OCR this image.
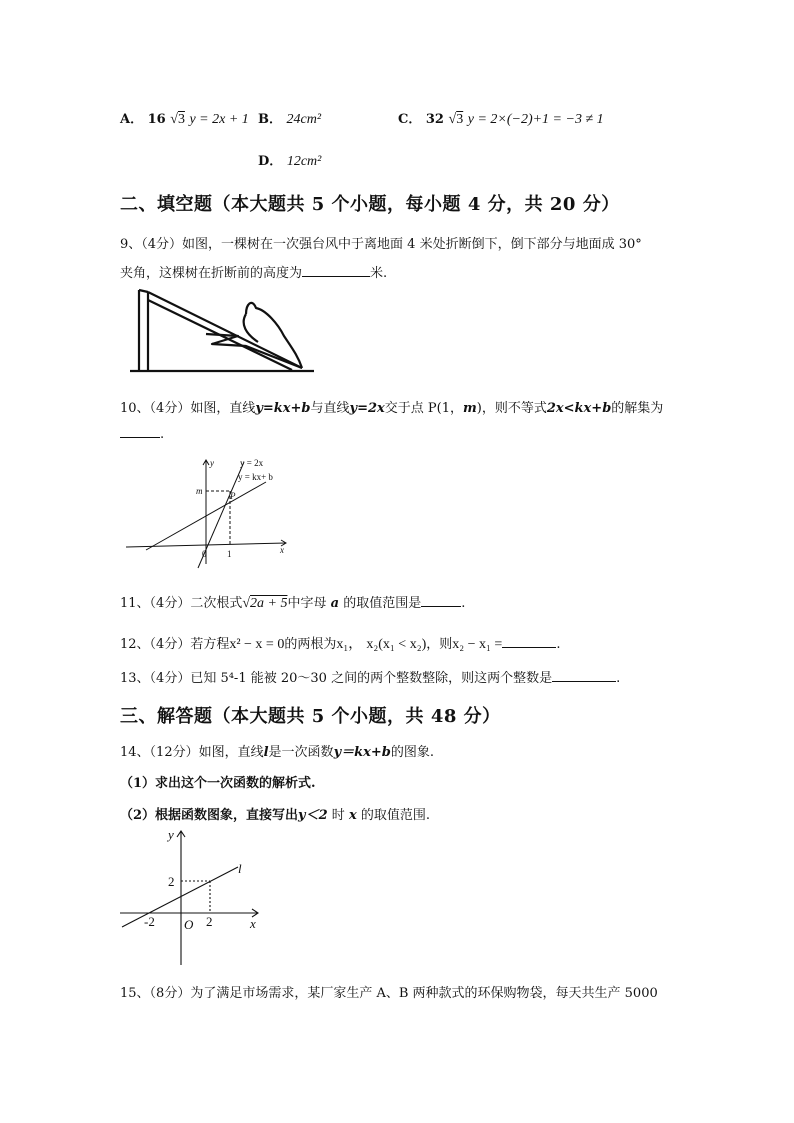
A． 16 √3 y = 2x + 1 B． 24cm²	C． 32 √3 y = 2×(−2)+1 = −3 ≠ 1
D． 12cm²
二、填空题（本大题共 5 个小题，每小题 4 分，共 20 分）
9、（4分）如图，一棵树在一次强台风中于离地面 4 米处折断倒下，倒下部分与地面成 30°
夹角，这棵树在折断前的高度为	米.
10、（4分）如图，直线y=kx+b与直线y=2x交于点 P(1，m)，则不等式2x<kx+b的解集为
.
y
x
y = 2x
y = kx+ b
P
m
0 1
11、（4分）二次根式√2a + 5中字母 a 的取值范围是	.
12、（4分）若方程x² − x = 0的两根为x₁， x₂(x₁ < x₂)，则x₂ − x₁ =	.
13、（4分）已知 5⁴-1 能被 20～30 之间的两个整数整除，则这两个整数是	.
三、解答题（本大题共 5 个小题，共 48 分）
14、（12分）如图，直线l是一次函数y＝kx+b的图象.
（1）求出这个一次函数的解析式.
（2）根据函数图象，直接写出y＜2 时 x 的取值范围.
y
x
2
-2	2
O
l
15、（8分）为了满足市场需求，某厂家生产 A、B 两种款式的环保购物袋，每天共生产 5000
